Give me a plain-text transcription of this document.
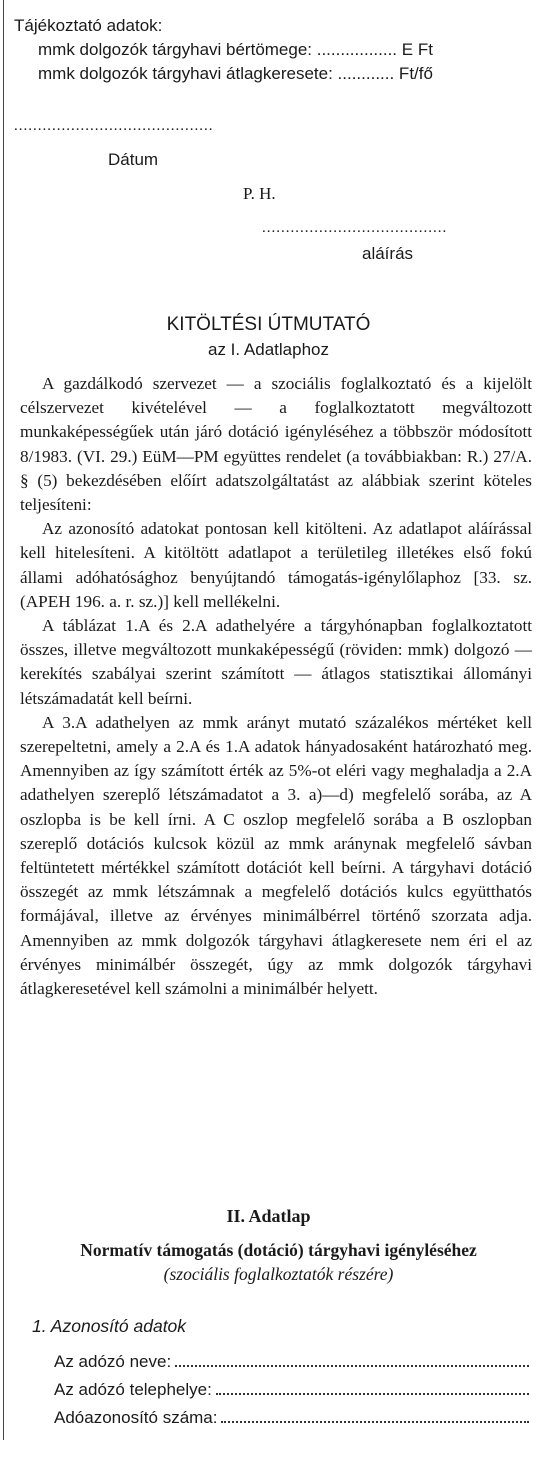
Tájékoztató adatok:
mmk dolgozók tárgyhavi bértömege: ................. E Ft
mmk dolgozók tárgyhavi átlagkeresete: ............ Ft/fő
..........................................
Dátum
P. H.
.......................................
aláírás
KITÖLTÉSI ÚTMUTATÓ
az I. Adatlaphoz

A gazdálkodó szervezet — a szociális foglalkoztató és a kijelölt célszervezet kivételével — a foglalkoztatott megváltozott munkaképességűek után járó dotáció igényléséhez a többször módosított 8/1983. (VI. 29.) EüM—PM együttes rendelet (a továbbiakban: R.) 27/A. § (5) bekezdésében előírt adatszolgáltatást az alábbiak szerint köteles teljesíteni:

Az azonosító adatokat pontosan kell kitölteni. Az adatlapot aláírással kell hitelesíteni. A kitöltött adatlapot a területileg illetékes első fokú állami adóhatósághoz benyújtandó támogatás-igénylőlaphoz [33. sz. (APEH 196. a. r. sz.)] kell mellékelni.

A táblázat 1.A és 2.A adathelyére a tárgyhónapban foglalkoztatott összes, illetve megváltozott munkaképességű (röviden: mmk) dolgozó — kerekítés szabályai szerint számított — átlagos statisztikai állományi létszámadatát kell beírni.

A 3.A adathelyen az mmk arányt mutató százalékos mértéket kell szerepeltetni, amely a 2.A és 1.A adatok hányadosaként határozható meg. Amennyiben az így számított érték az 5%-ot eléri vagy meghaladja a 2.A adathelyen szereplő létszámadatot a 3. a)—d) megfelelő sorába, az A oszlopba is be kell írni. A C oszlop megfelelő sorába a B oszlopban szereplő dotációs kulcsok közül az mmk aránynak megfelelő sávban feltüntetett mértékkel számított dotációt kell beírni. A tárgyhavi dotáció összegét az mmk létszámnak a megfelelő dotációs kulcs együtthatós formájával, illetve az érvényes minimálbérrel történő szorzata adja. Amennyiben az mmk dolgozók tárgyhavi átlagkeresete nem éri el az érvényes minimálbér összegét, úgy az mmk dolgozók tárgyhavi átlagkeresetével kell számolni a minimálbér helyett.

II. Adatlap
Normatív támogatás (dotáció) tárgyhavi igényléséhez
(szociális foglalkoztatók részére)
1. Azonosító adatok
Az adózó neve:
Az adózó telephelye:
Adóazonosító száma:
